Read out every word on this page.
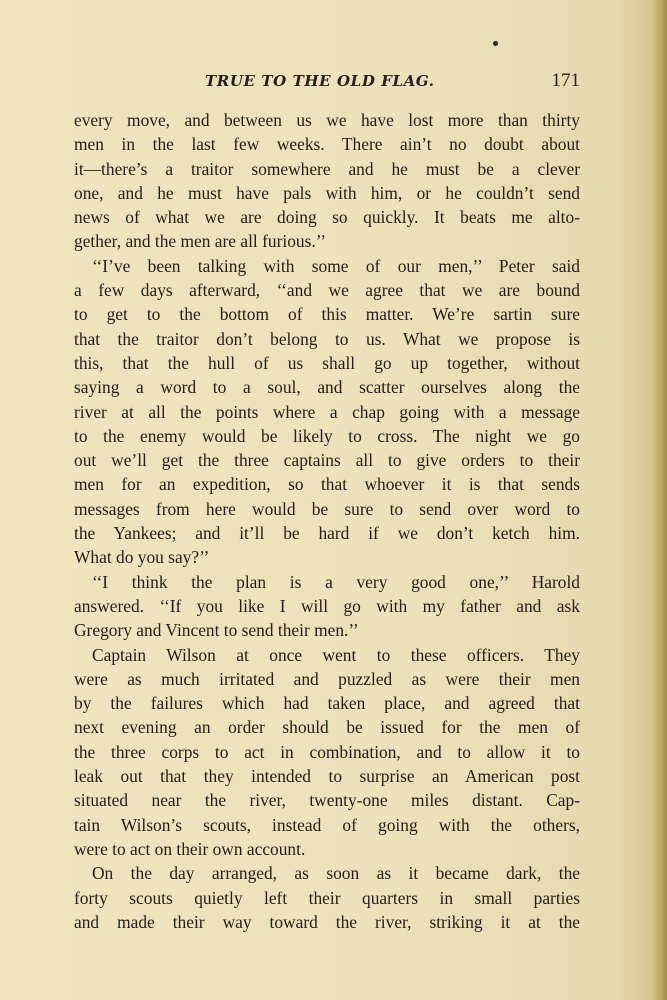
TRUE TO THE OLD FLAG.	171
every move, and between us we have lost more than thirty
men in the last few weeks. There ain’t no doubt about
it—there’s a traitor somewhere and he must be a clever
one, and he must have pals with him, or he couldn’t send
news of what we are doing so quickly. It beats me alto-
gether, and the men are all furious.’’
‘‘I’ve been talking with some of our men,’’ Peter said
a few days afterward, ‘‘and we agree that we are bound
to get to the bottom of this matter. We’re sartin sure
that the traitor don’t belong to us. What we propose is
this, that the hull of us shall go up together, without
saying a word to a soul, and scatter ourselves along the
river at all the points where a chap going with a message
to the enemy would be likely to cross. The night we go
out we’ll get the three captains all to give orders to their
men for an expedition, so that whoever it is that sends
messages from here would be sure to send over word to
the Yankees; and it’ll be hard if we don’t ketch him.
What do you say?’’
‘‘I think the plan is a very good one,’’ Harold
answered. ‘‘If you like I will go with my father and ask
Gregory and Vincent to send their men.’’
Captain Wilson at once went to these officers. They
were as much irritated and puzzled as were their men
by the failures which had taken place, and agreed that
next evening an order should be issued for the men of
the three corps to act in combination, and to allow it to
leak out that they intended to surprise an American post
situated near the river, twenty-one miles distant. Cap-
tain Wilson’s scouts, instead of going with the others,
were to act on their own account.
On the day arranged, as soon as it became dark, the
forty scouts quietly left their quarters in small parties
and made their way toward the river, striking it at the
